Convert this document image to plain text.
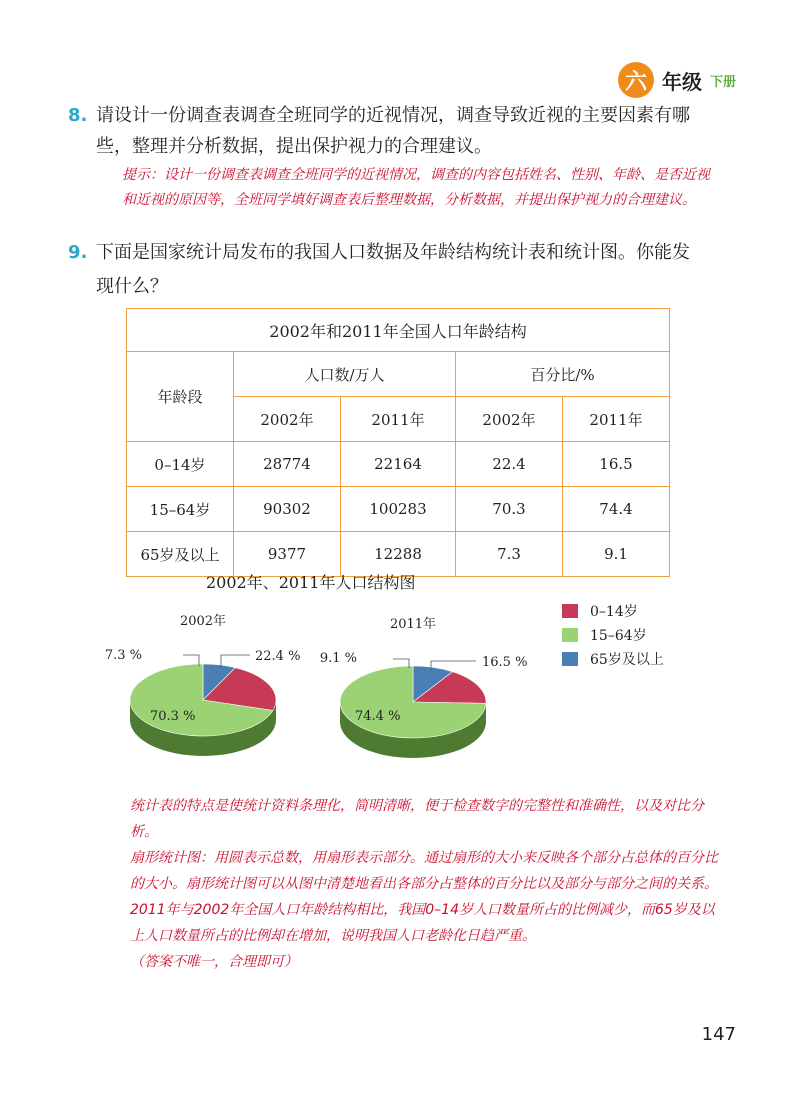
六 年级 下册
8. 请设计一份调查表调查全班同学的近视情况，调查导致近视的主要因素有哪些，整理并分析数据，提出保护视力的合理建议。
提示：设计一份调查表调查全班同学的近视情况，调查的内容包括姓名、性别、年龄、是否近视和近视的原因等，全班同学填好调查表后整理数据，分析数据，并提出保护视力的合理建议。
9. 下面是国家统计局发布的我国人口数据及年龄结构统计表和统计图。你能发现什么？
2002年和2011年全国人口年龄结构				
年龄段	人口数/万人		百分比/%	
	2002年	2011年	2002年	2011年
0–14岁	28774	22164	22.4	16.5
15–64岁	90302	100283	70.3	74.4
65岁及以上	9377	12288	7.3	9.1
2002年、2011年人口结构图
2002年
22.4 %
70.3 %
7.3 %
2011年
16.5 %
74.4 %
9.1 %
0–14岁
15–64岁
65岁及以上

统计表的特点是使统计资料条理化，简明清晰，便于检查数字的完整性和准确性，以及对比分析。

扇形统计图：用圆表示总数，用扇形表示部分。通过扇形的大小来反映各个部分占总体的百分比的大小。扇形统计图可以从图中清楚地看出各部分占整体的百分比以及部分与部分之间的关系。

2011年与2002年全国人口年龄结构相比，我国0–14岁人口数量所占的比例减少，而65岁及以上人口数量所占的比例却在增加，说明我国人口老龄化日趋严重。

（答案不唯一，合理即可）

147
